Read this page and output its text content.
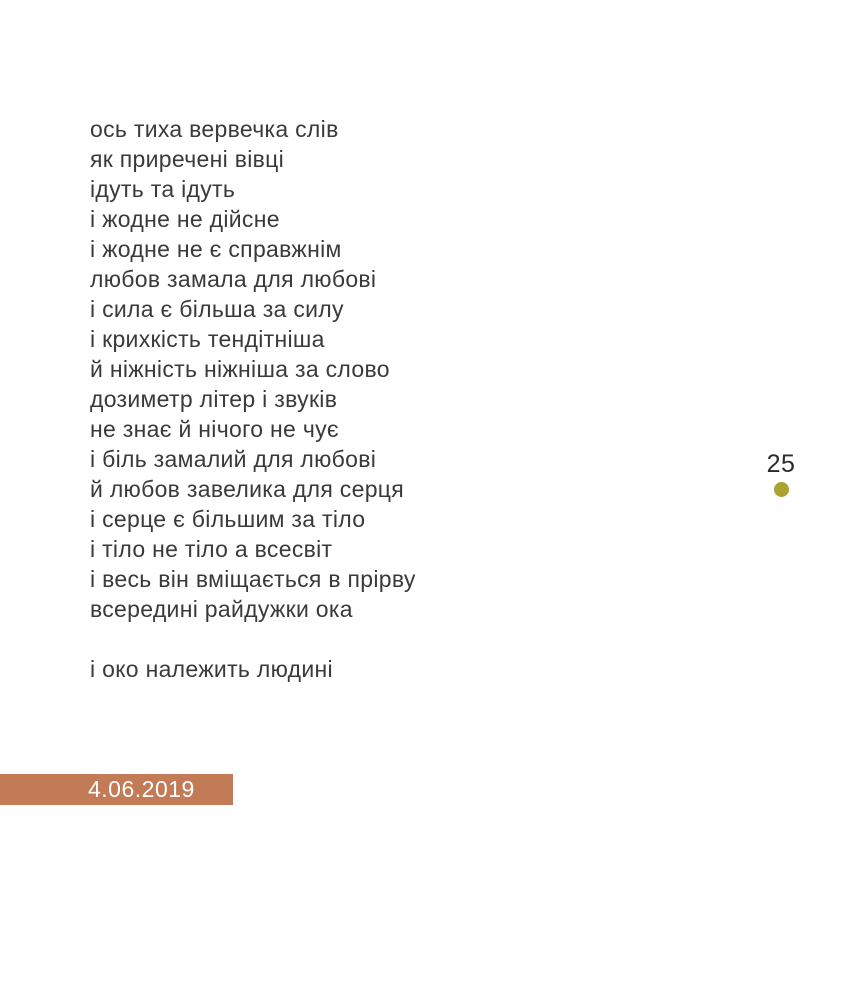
ось тиха вервечка слів
як приречені вівці
ідуть та ідуть
і жодне не дійсне
і жодне не є справжнім
любов замала для любові
і сила є більша за силу
і крихкість тендітніша
й ніжність ніжніша за слово
дозиметр літер і звуків
не знає й нічого не чує
і біль замалий для любові
й любов завелика для серця
і серце є більшим за тіло
і тіло не тіло а всесвіт
і весь він вміщається в прірву
всередині райдужки ока
і око належить людині
25
4.06.2019
